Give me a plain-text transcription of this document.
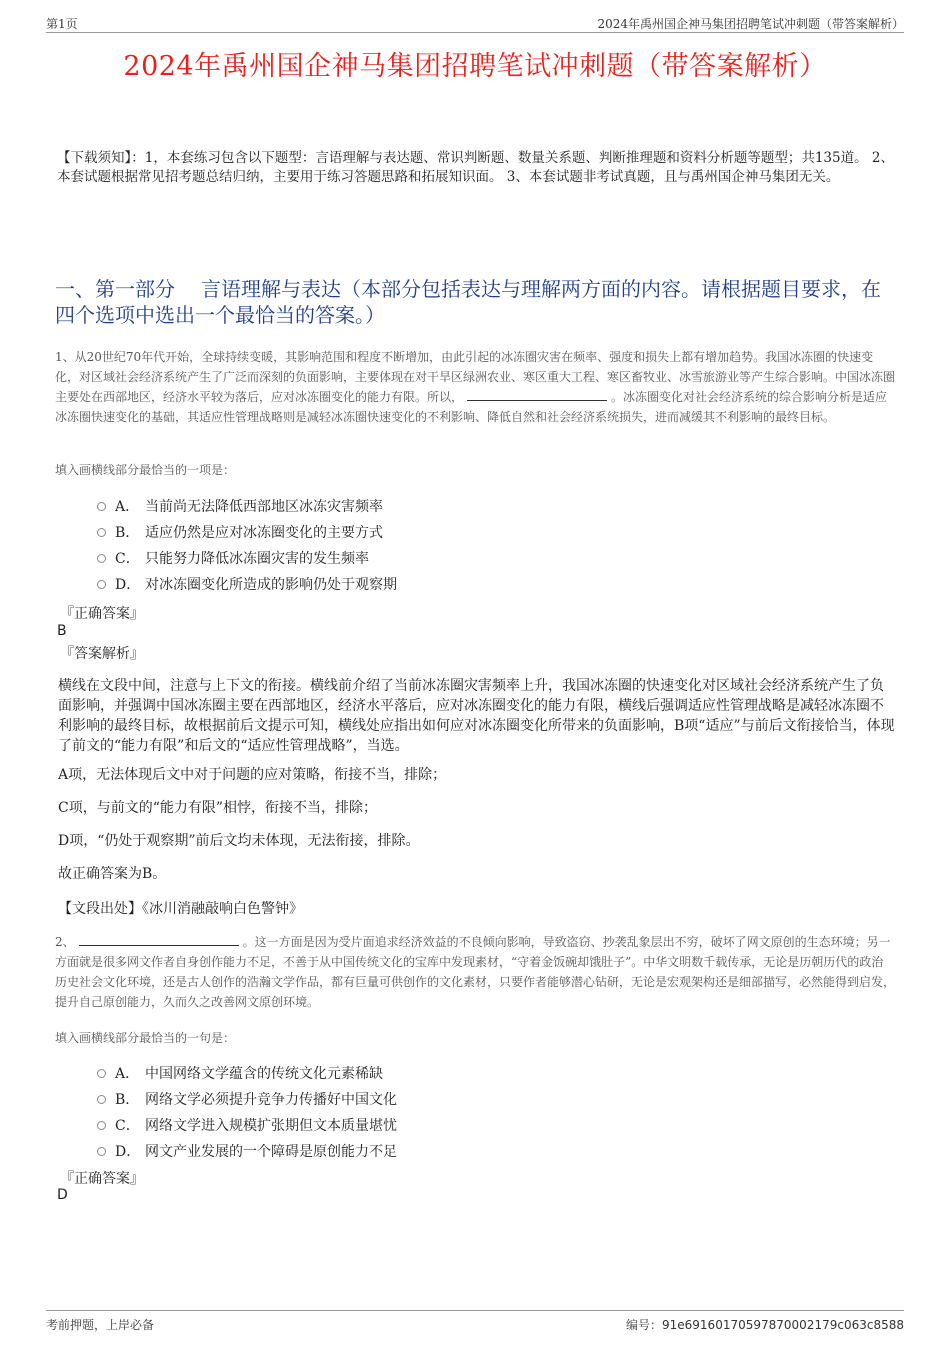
第1页	2024年禹州国企神马集团招聘笔试冲刺题（带答案解析）
2024年禹州国企神马集团招聘笔试冲刺题（带答案解析）
【下载须知】：1，本套练习包含以下题型：言语理解与表达题、常识判断题、数量关系题、判断推理题和资料分析题等题型；共135道。 2、本套试题根据常见招考题总结归纳，主要用于练习答题思路和拓展知识面。 3、本套试题非考试真题，且与禹州国企神马集团无关。
一、第一部分 言语理解与表达（本部分包括表达与理解两方面的内容。请根据题目要求，在四个选项中选出一个最恰当的答案。）
1、从20世纪70年代开始，全球持续变暖，其影响范围和程度不断增加，由此引起的冰冻圈灾害在频率、强度和损失上都有增加趋势。我国冰冻圈的快速变化，对区域社会经济系统产生了广泛而深刻的负面影响，主要体现在对干旱区绿洲农业、寒区重大工程、寒区畜牧业、冰雪旅游业等产生综合影响。中国冰冻圈主要处在西部地区，经济水平较为落后，应对冰冻圈变化的能力有限。所以，	。冰冻圈变化对社会经济系统的综合影响分析是适应冰冻圈快速变化的基础，其适应性管理战略则是减轻冰冻圈快速变化的不利影响、降低自然和社会经济系统损失，进而减缓其不利影响的最终目标。
填入画横线部分最恰当的一项是：
A． 当前尚无法降低西部地区冰冻灾害频率
B． 适应仍然是应对冰冻圈变化的主要方式
C． 只能努力降低冰冻圈灾害的发生频率
D． 对冰冻圈变化所造成的影响仍处于观察期
『正确答案』
B
『答案解析』
横线在文段中间，注意与上下文的衔接。横线前介绍了当前冰冻圈灾害频率上升，我国冰冻圈的快速变化对区域社会经济系统产生了负面影响，并强调中国冰冻圈主要在西部地区，经济水平落后，应对冰冻圈变化的能力有限，横线后强调适应性管理战略是减轻冰冻圈不利影响的最终目标，故根据前后文提示可知，横线处应指出如何应对冰冻圈变化所带来的负面影响，B项“适应”与前后文衔接恰当，体现了前文的“能力有限”和后文的“适应性管理战略”，当选。
A项，无法体现后文中对于问题的应对策略，衔接不当，排除；
C项，与前文的“能力有限”相悖，衔接不当，排除；
D项，“仍处于观察期”前后文均未体现，无法衔接，排除。
故正确答案为B。
【文段出处】《冰川消融敲响白色警钟》
2、	。这一方面是因为受片面追求经济效益的不良倾向影响，导致盗窃、抄袭乱象层出不穷，破坏了网文原创的生态环境；另一方面就是很多网文作者自身创作能力不足，不善于从中国传统文化的宝库中发现素材，“守着金饭碗却饿肚子”。中华文明数千载传承，无论是历朝历代的政治历史社会文化环境，还是古人创作的浩瀚文学作品，都有巨量可供创作的文化素材，只要作者能够潜心钻研，无论是宏观架构还是细部描写，必然能得到启发，提升自己原创能力，久而久之改善网文原创环境。
填入画横线部分最恰当的一句是：
A． 中国网络文学蕴含的传统文化元素稀缺
B． 网络文学必须提升竞争力传播好中国文化
C． 网络文学进入规模扩张期但文本质量堪忧
D． 网文产业发展的一个障碍是原创能力不足
『正确答案』
D
考前押题，上岸必备	编号：91e69160170597870002179c063c8588
